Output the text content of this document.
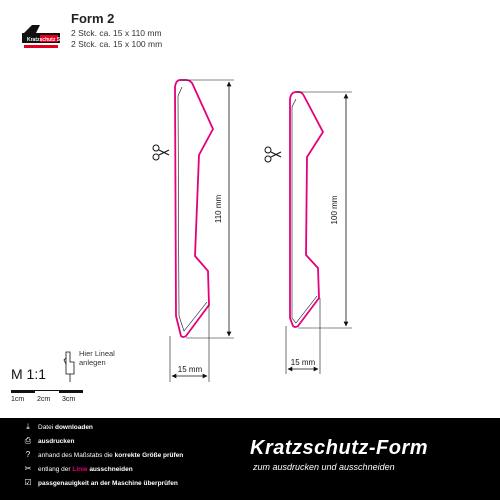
Kratzschutz Shop
Form 2
2 Stck. ca. 15 x 110 mm
2 Stck. ca. 15 x 100 mm
110 mm	100 mm
15 mm
15 mm
M 1:1
Hier Lineal anlegen
1cm 2cm 3cm
⤓ Datei downloaden
⎙ ausdrucken
? anhand des Maßstabs die korrekte Größe prüfen
✂ entlang der Linie ausschneiden
☑ passgenauigkeit an der Maschine überprüfen
Kratzschutz-Form
zum ausdrucken und ausschneiden
